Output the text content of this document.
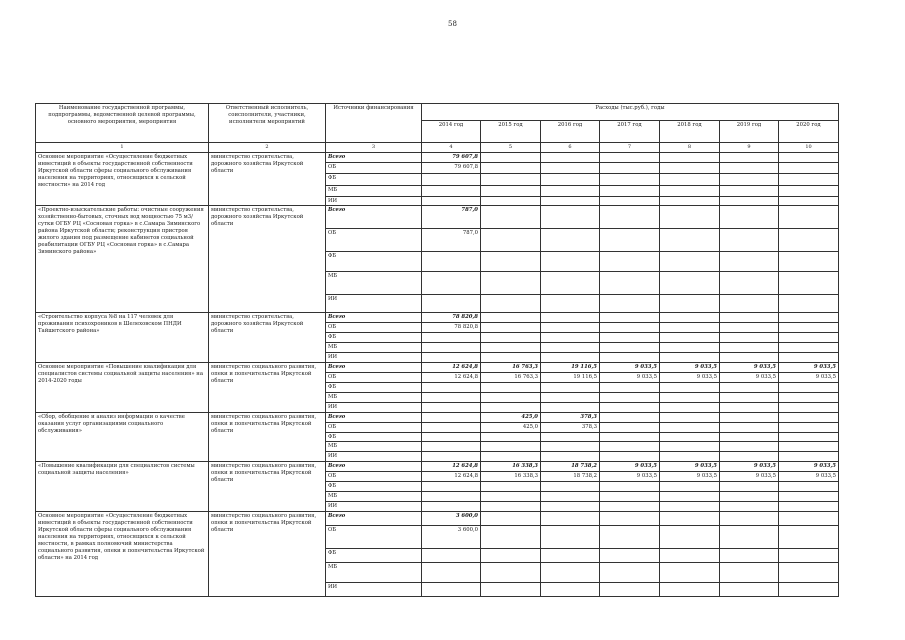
58
Наименование государственной программы, подпрограммы, ведомственной целевой программы, основного мероприятия, мероприятия	Ответственный исполнитель, соисполнители, участники, исполнители мероприятий	Источники финансирования	Расходы (тыс.руб.), годы						
			2014 год	2015 год	2016 год	2017 год	2018 год	2019 год	2020 год
1	2	3	4	5	6	7	8	9	10
Основное мероприятие «Осуществление бюджетных инвестиций в объекты государственной собственности Иркутской области сферы социального обслуживания населения на территориях, относящихся к сельской местности» на 2014 год	министерство строительства, дорожного хозяйства Иркутской области	Всего	79 607,8						
		ОБ	79 607,8						
		ФБ							
		МБ							
		ИИ							
«Проектно-изыскательские работы: очистные сооружения хозяйственно-бытовых, сточных вод мощностью 75 м3/сутки ОГБУ РЦ «Сосновая горка» в с.Самара Зиминского района Иркутской области; реконструкция пристроя жилого здания под размещение кабинетов социальной реабилитации ОГБУ РЦ «Сосновая горка» в с.Самара Зиминского района»	министерство строительства, дорожного хозяйства Иркутской области	Всего	787,0						
		ОБ	787,0						
		ФБ							
		МБ							
		ИИ							
«Строительство корпуса №8 на 117 человек для проживания психохроников в Шелеховском ПНДИ Тайшетского района»	министерство строительства, дорожного хозяйства Иркутской области	Всего	78 820,8						
		ОБ	78 820,8						
		ФБ							
		МБ							
		ИИ							
Основное мероприятие «Повышение квалификации для специалистов системы социальной защиты населения» на 2014-2020 годы	министерство социального развития, опеки и попечительства Иркутской области	Всего	12 624,8	16 763,3	19 116,5	9 033,5	9 033,5	9 033,5	9 033,5
		ОБ	12 624,8	16 763,3	19 116,5	9 033,5	9 033,5	9 033,5	9 033,5
		ФБ							
		МБ							
		ИИ							
«Сбор, обобщение и анализ информации о качестве оказания услуг организациями социального обслуживания»	министерство социального развития, опеки и попечительства Иркутской области	Всего		425,0	378,3				
		ОБ		425,0	378,3				
		ФБ							
		МБ							
		ИИ							
«Повышение квалификации для специалистов системы социальной защиты населения»	министерство социального развития, опеки и попечительства Иркутской области	Всего	12 624,8	16 338,3	18 738,2	9 033,5	9 033,5	9 033,5	9 033,5
		ОБ	12 624,8	16 338,3	18 738,2	9 033,5	9 033,5	9 033,5	9 033,5
		ФБ							
		МБ							
		ИИ							
Основное мероприятие «Осуществление бюджетных инвестиций в объекты государственной собственности Иркутской области сферы социального обслуживания населения на территориях, относящихся к сельской местности, в рамках полномочий министерства социального развития, опеки и попечительства Иркутской области» на 2014 год	министерство социального развития, опеки и попечительства Иркутской области	Всего	3 600,0						
		ОБ	3 600,0						
		ФБ							
		МБ							
		ИИ							
